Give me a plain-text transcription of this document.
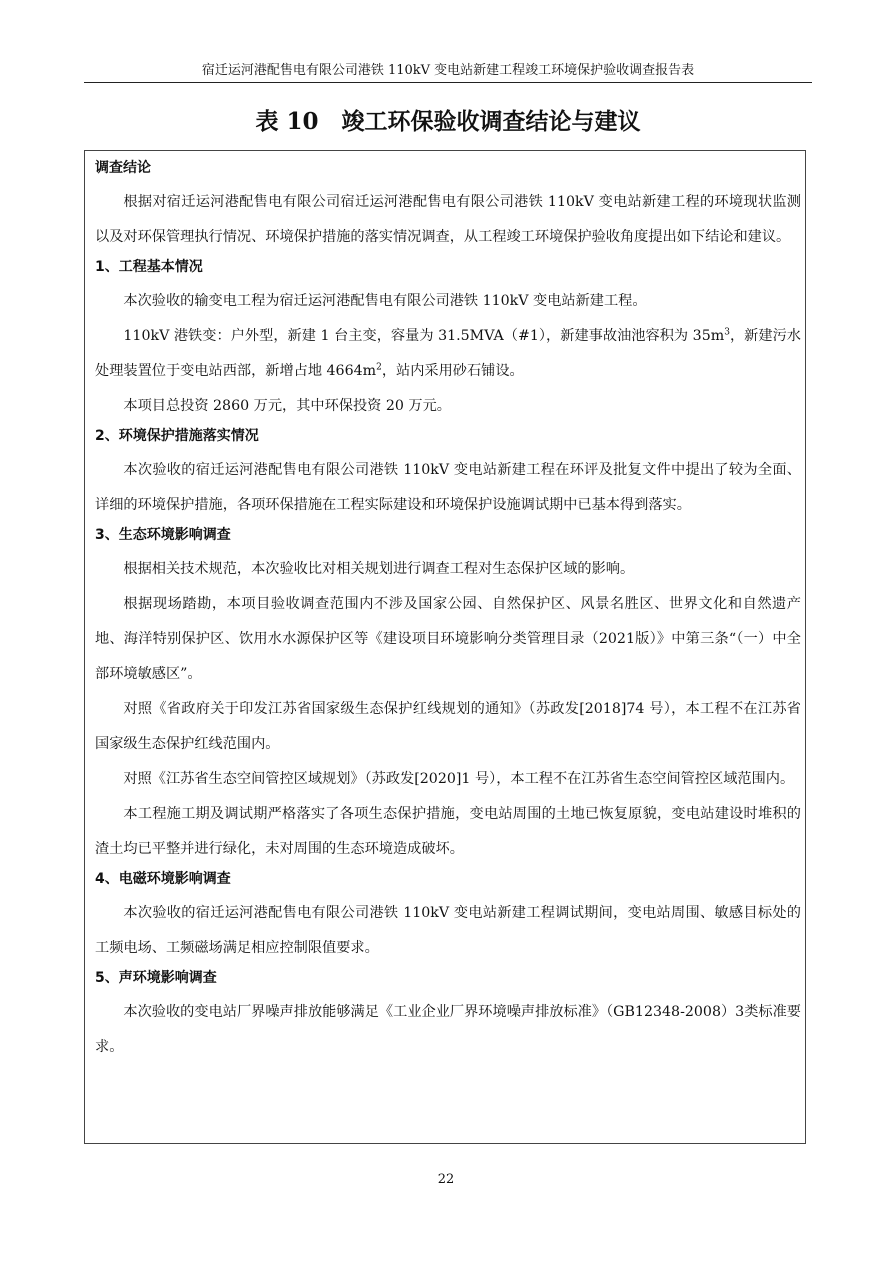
宿迁运河港配售电有限公司港铁 110kV 变电站新建工程竣工环境保护验收调查报告表
表 10　竣工环保验收调查结论与建议

调查结论

根据对宿迁运河港配售电有限公司宿迁运河港配售电有限公司港铁 110kV 变电站新建工程的环境现状监测以及对环保管理执行情况、环境保护措施的落实情况调查，从工程竣工环境保护验收角度提出如下结论和建议。

1、工程基本情况

本次验收的输变电工程为宿迁运河港配售电有限公司港铁 110kV 变电站新建工程。

110kV 港铁变：户外型，新建 1 台主变，容量为 31.5MVA（#1），新建事故油池容积为 $35m^3$，新建污水处理装置位于变电站西部，新增占地 $4664m^2$，站内采用砂石铺设。

本项目总投资 2860 万元，其中环保投资 20 万元。

2、环境保护措施落实情况

本次验收的宿迁运河港配售电有限公司港铁 110kV 变电站新建工程在环评及批复文件中提出了较为全面、详细的环境保护措施，各项环保措施在工程实际建设和环境保护设施调试期中已基本得到落实。

3、生态环境影响调查

根据相关技术规范，本次验收比对相关规划进行调查工程对生态保护区域的影响。

根据现场踏勘，本项目验收调查范围内不涉及国家公园、自然保护区、风景名胜区、世界文化和自然遗产地、海洋特别保护区、饮用水水源保护区等《建设项目环境影响分类管理目录（2021版）》中第三条“（一）中全部环境敏感区”。

对照《省政府关于印发江苏省国家级生态保护红线规划的通知》（苏政发[2018]74 号），本工程不在江苏省国家级生态保护红线范围内。

对照《江苏省生态空间管控区域规划》（苏政发[2020]1 号），本工程不在江苏省生态空间管控区域范围内。

本工程施工期及调试期严格落实了各项生态保护措施，变电站周围的土地已恢复原貌，变电站建设时堆积的渣土均已平整并进行绿化，未对周围的生态环境造成破坏。

4、电磁环境影响调查

本次验收的宿迁运河港配售电有限公司港铁 110kV 变电站新建工程调试期间，变电站周围、敏感目标处的工频电场、工频磁场满足相应控制限值要求。

5、声环境影响调查

本次验收的变电站厂界噪声排放能够满足《工业企业厂界环境噪声排放标准》（GB12348-2008）3类标准要求。

22
